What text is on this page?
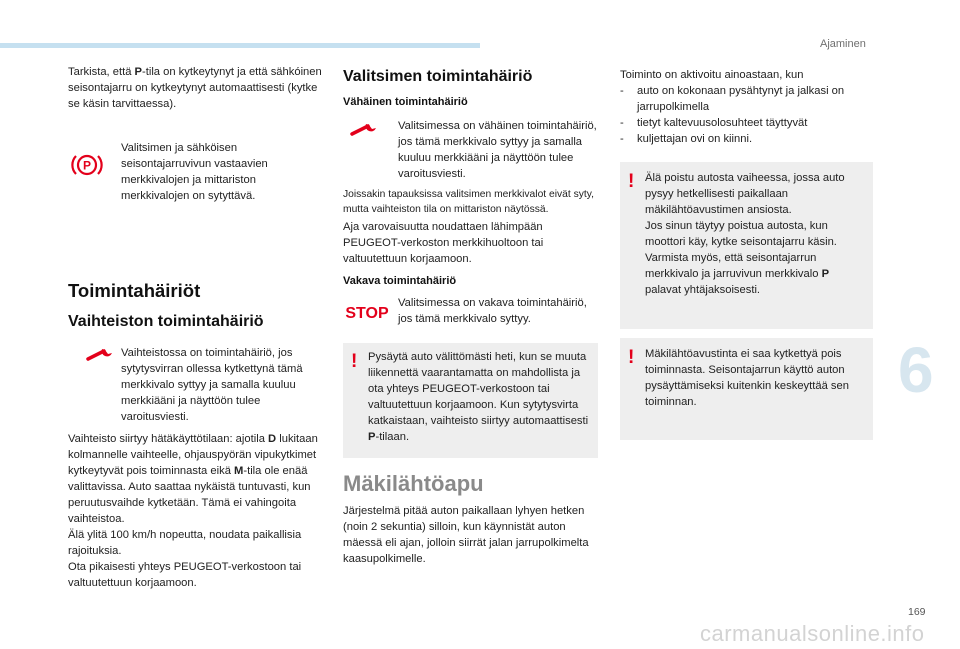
Ajaminen
6

Tarkista, että P-tila on kytkeytynyt ja että sähkóinen seisontajarru on kytkeytynyt automaattisesti (kytke se käsin tarvittaessa).

P

Valitsimen ja sähköisen seisontajarruvivun vastaavien merkkivalojen ja mittariston merkkivalojen on sytyttävä.

Toimintahäiriöt
Vaihteiston toimintahäiriö

Vaihteistossa on toimintahäiriö, jos sytytysvirran ollessa kytkettynä tämä merkkivalo syttyy ja samalla kuuluu merkkiääni ja näyttöön tulee varoitusviesti.

Vaihteisto siirtyy hätäkäyttötilaan: ajotila D lukitaan kolmannelle vaihteelle, ohjauspyörän vipukytkimet kytkeytyvät pois toiminnasta eikä M-tila ole enää valittavissa. Auto saattaa nykäistä tuntuvasti, kun peruutusvaihde kytketään. Tämä ei vahingoita vaihteistoa.
Älä ylitä 100 km/h nopeutta, noudata paikallisia rajoituksia.
Ota pikaisesti yhteys PEUGEOT-verkostoon tai valtuutettuun korjaamoon.

Valitsimen toimintahäiriö
Vähäinen toimintahäiriö

Valitsimessa on vähäinen toimintahäiriö, jos tämä merkkivalo syttyy ja samalla kuuluu merkkiääni ja näyttöön tulee varoitusviesti.

Joissakin tapauksissa valitsimen merkkivalot eivät syty, mutta vaihteiston tila on mittariston näytössä.

Aja varovaisuutta noudattaen lähimpään PEUGEOT-verkoston merkkihuoltoon tai valtuutettuun korjaamoon.

Vakava toimintahäiriö
STOP

Valitsimessa on vakava toimintahäiriö, jos tämä merkkivalo syttyy.

! Pysäytä auto välittömästi heti, kun se muuta liikennettä vaarantamatta on mahdollista ja ota yhteys PEUGEOT-verkostoon tai valtuutettuun korjaamoon. Kun sytytysvirta katkaistaan, vaihteisto siirtyy automaattisesti P-tilaan.

Mäkilähtöapu

Järjestelmä pitää auton paikallaan lyhyen hetken (noin 2 sekuntia) silloin, kun käynnistät auton mäessä eli ajan, jolloin siirrät jalan jarrupolkimelta kaasupolkimelle.

Toiminto on aktivoitu ainoastaan, kun

- auto on kokonaan pysähtynyt ja jalkasi on jarrupolkimella
- tietyt kaltevuusolosuhteet täyttyvät
- kuljettajan ovi on kiinni.
! Älä poistu autosta vaiheessa, jossa auto pysyy hetkellisesti paikallaan mäkilähtöavustimen ansiosta.
Jos sinun täytyy poistua autosta, kun moottori käy, kytke seisontajarru käsin.
Varmista myös, että seisontajarrun merkkivalo ja jarruvivun merkkivalo P palavat yhtäjaksoisesti.

! Mäkilähtöavustinta ei saa kytkettyä pois toiminnasta. Seisontajarrun käyttö auton pysäyttämiseksi kuitenkin keskeyttää sen toiminnan.

169
carmanualsonline.info
